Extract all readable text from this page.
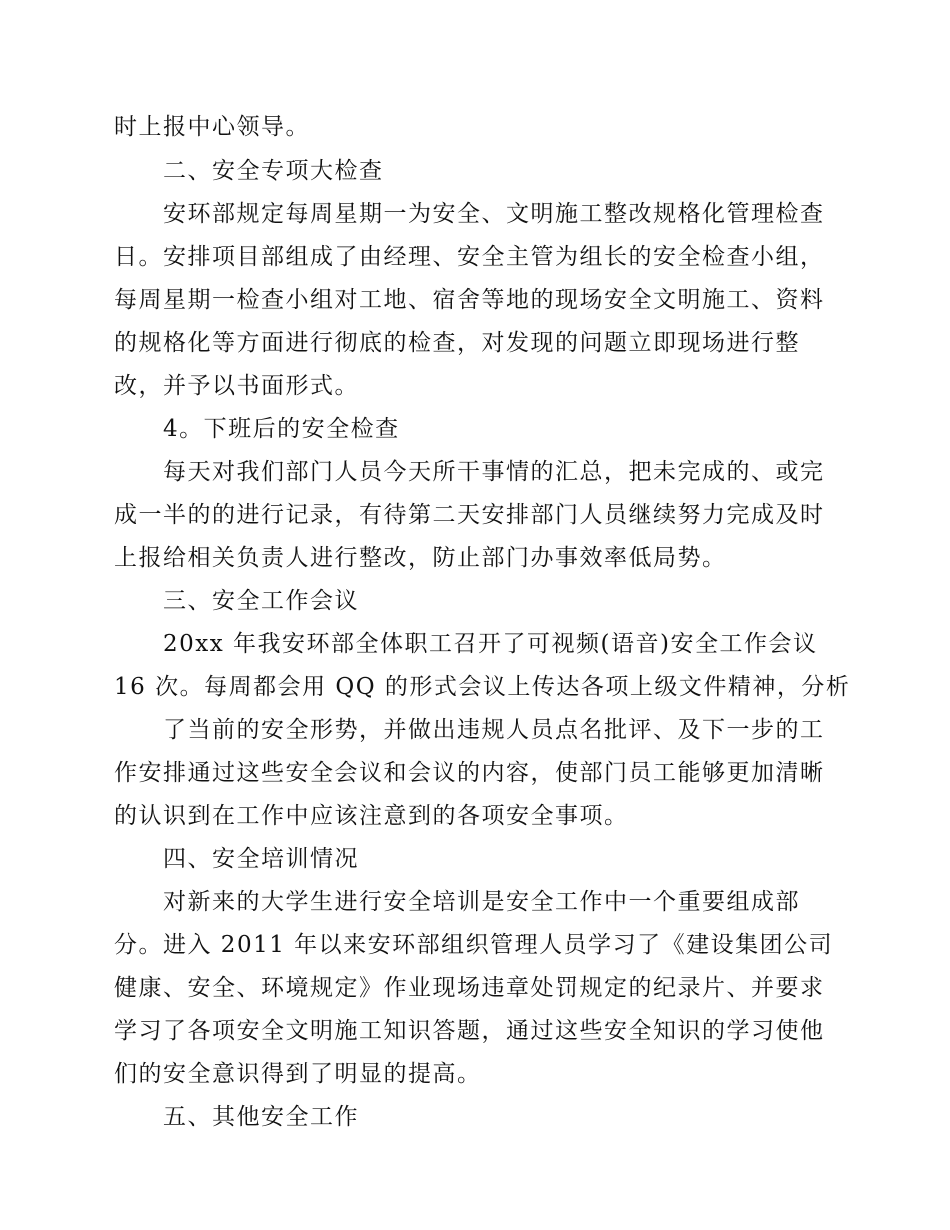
时上报中心领导。
二、安全专项大检查
安环部规定每周星期一为安全、文明施工整改规格化管理检查
日。安排项目部组成了由经理、安全主管为组长的安全检查小组，
每周星期一检查小组对工地、宿舍等地的现场安全文明施工、资料
的规格化等方面进行彻底的检查，对发现的问题立即现场进行整
改，并予以书面形式。
4。下班后的安全检查
每天对我们部门人员今天所干事情的汇总，把未完成的、或完
成一半的的进行记录，有待第二天安排部门人员继续努力完成及时
上报给相关负责人进行整改，防止部门办事效率低局势。
三、安全工作会议
20xx 年我安环部全体职工召开了可视频(语音)安全工作会议
16 次。每周都会用 QQ 的形式会议上传达各项上级文件精神，分析
了当前的安全形势，并做出违规人员点名批评、及下一步的工
作安排通过这些安全会议和会议的内容，使部门员工能够更加清晰
的认识到在工作中应该注意到的各项安全事项。
四、安全培训情况
对新来的大学生进行安全培训是安全工作中一个重要组成部
分。进入 2011 年以来安环部组织管理人员学习了《建设集团公司
健康、安全、环境规定》作业现场违章处罚规定的纪录片、并要求
学习了各项安全文明施工知识答题，通过这些安全知识的学习使他
们的安全意识得到了明显的提高。
五、其他安全工作
